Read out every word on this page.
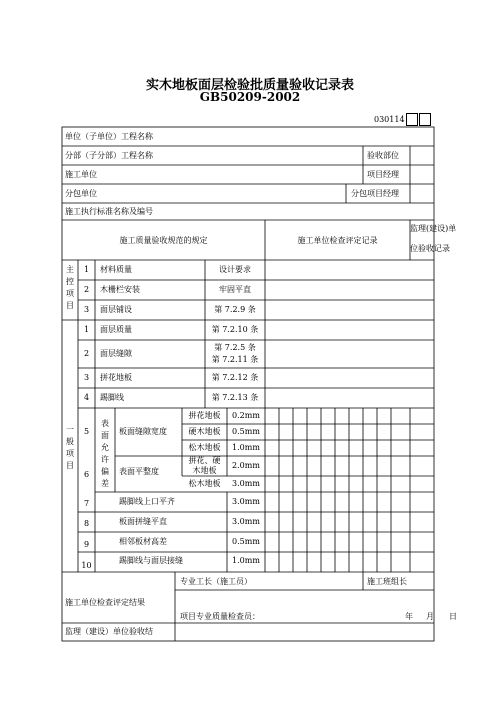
实木地板面层检验批质量验收记录表
GB50209-2002
030114
单位（子单位）工程名称
分部（子分部）工程名称	验收部位
施工单位	项目经理
分包单位	分包项目经理
施工执行标准名称及编号
施工质量验收规范的规定	施工单位检查评定记录
监理(建设)单
位验收记录
主控项目
1	材料质量	设计要求
2	木栅栏安装	牢固平直
3	面层铺设	第 7.2.9 条
一般项目
1	面层质量	第 7.2.10 条
2	面层缝隙
第 7.2.5 条
第 7.2.11 条
3	拼花地板	第 7.2.12 条
4	踢脚线	第 7.2.13 条
表面允许偏差
5	板面缝隙宽度
拼花地板	0.2mm
硬木地板	0.5mm
松木地板	1.0mm
6	表面平整度
拼花、硬
木地板
2.0mm
松木地板	3.0mm
7	踢脚线上口平齐	3.0mm
8	板面拼缝平直	3.0mm
9	相邻板材高差	0.5mm
10
踢脚线与面层接缝	1.0mm
专业工长（施工员）	施工班组长
施工单位检查评定结果
项目专业质量检查员：	年 月 日
监理（建设）单位验收结
